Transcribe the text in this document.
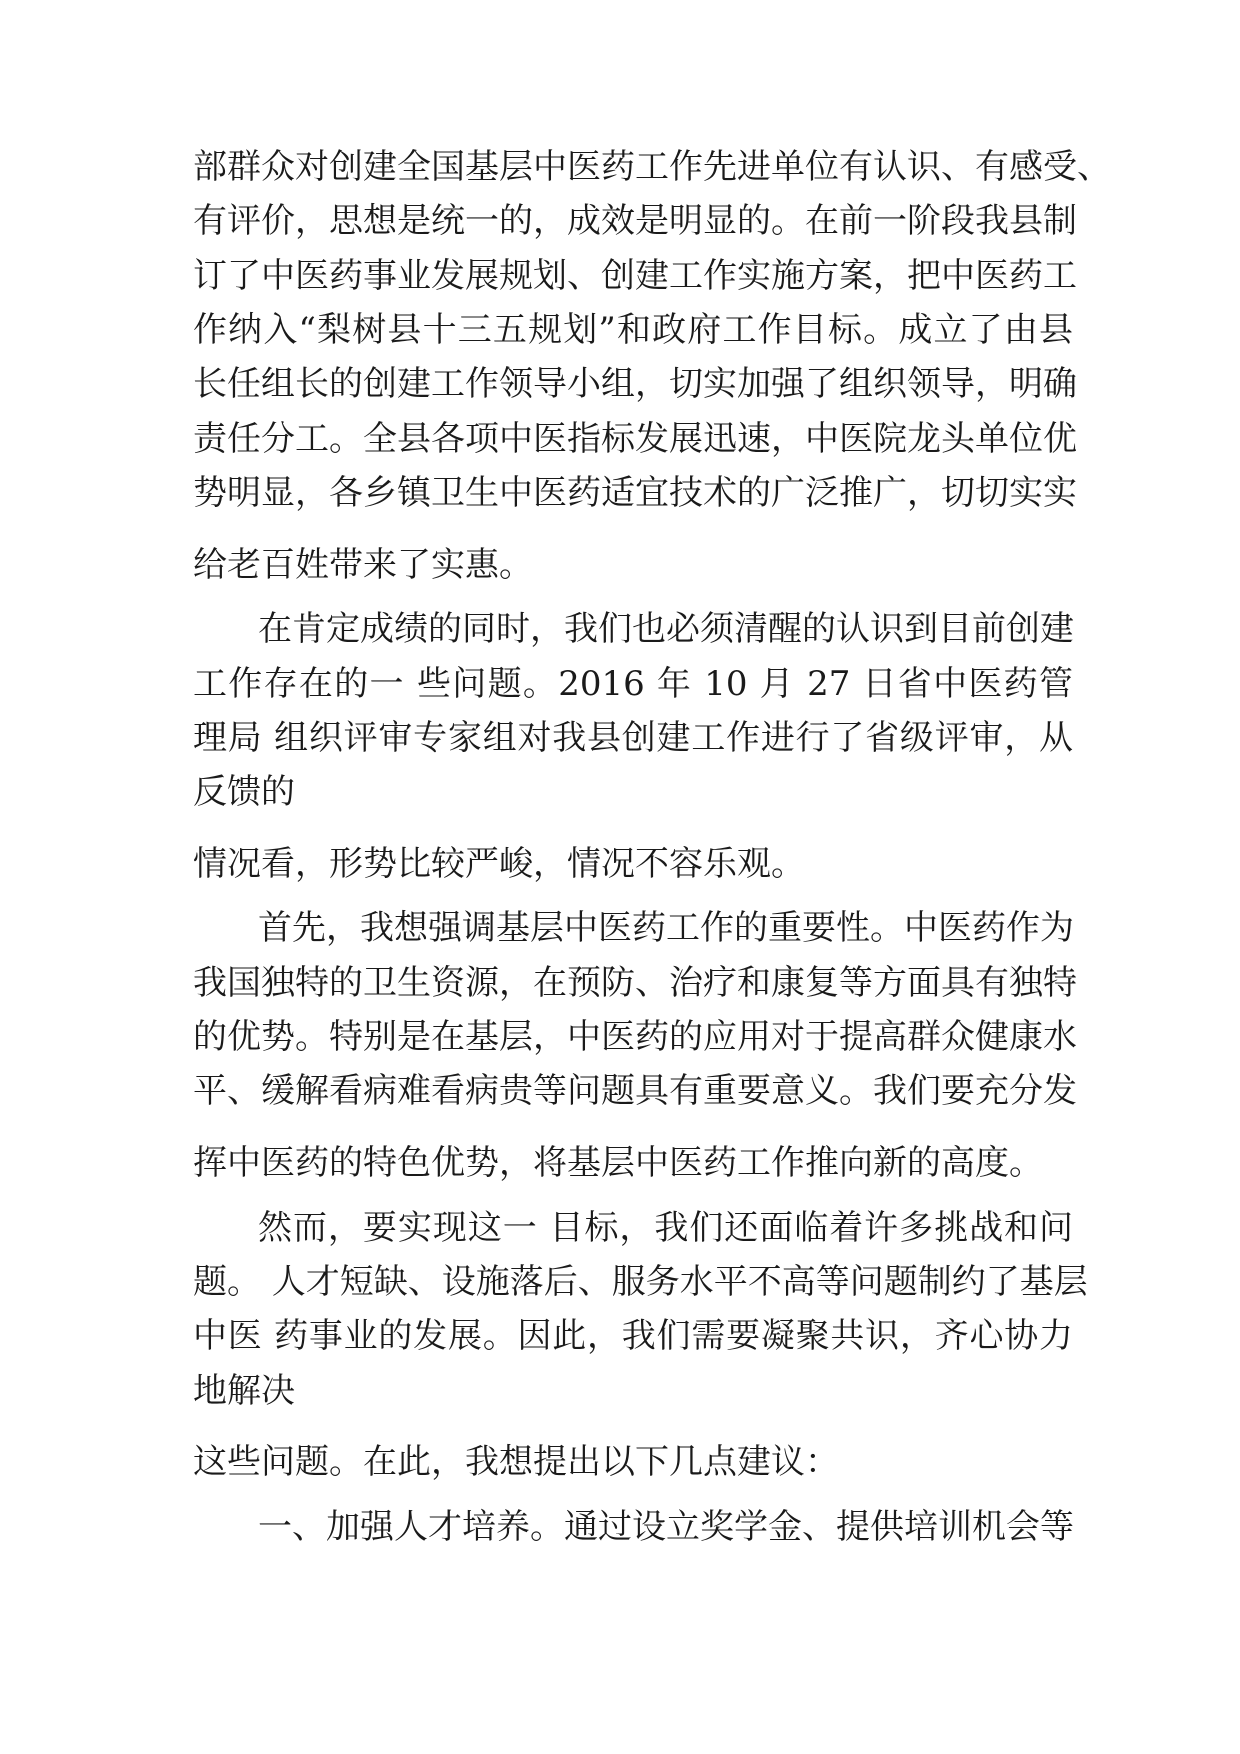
部群众对创建全国基层中医药工作先进单位有认识、有感受、
有评价，思想是统一的，成效是明显的。在前一阶段我县制
订了中医药事业发展规划、创建工作实施方案，把中医药工
作纳入“梨树县十三五规划”和政府工作目标。成立了由县
长任组长的创建工作领导小组，切实加强了组织领导，明确
责任分工。全县各项中医指标发展迅速，中医院龙头单位优
势明显，各乡镇卫生中医药适宜技术的广泛推广，切切实实
给老百姓带来了实惠。
在肯定成绩的同时，我们也必须清醒的认识到目前创建
工作存在的一 些问题。2016 年 10 月 27 日省中医药管
理局 组织评审专家组对我县创建工作进行了省级评审，从
反馈的
情况看，形势比较严峻，情况不容乐观。
首先，我想强调基层中医药工作的重要性。中医药作为
我国独特的卫生资源，在预防、治疗和康复等方面具有独特
的优势。特别是在基层，中医药的应用对于提高群众健康水
平、缓解看病难看病贵等问题具有重要意义。我们要充分发
挥中医药的特色优势，将基层中医药工作推向新的高度。
然而，要实现这一 目标，我们还面临着许多挑战和问
题。 人才短缺、设施落后、服务水平不高等问题制约了基层
中医 药事业的发展。因此，我们需要凝聚共识，齐心协力
地解决
这些问题。在此，我想提出以下几点建议：
一、加强人才培养。通过设立奖学金、提供培训机会等
